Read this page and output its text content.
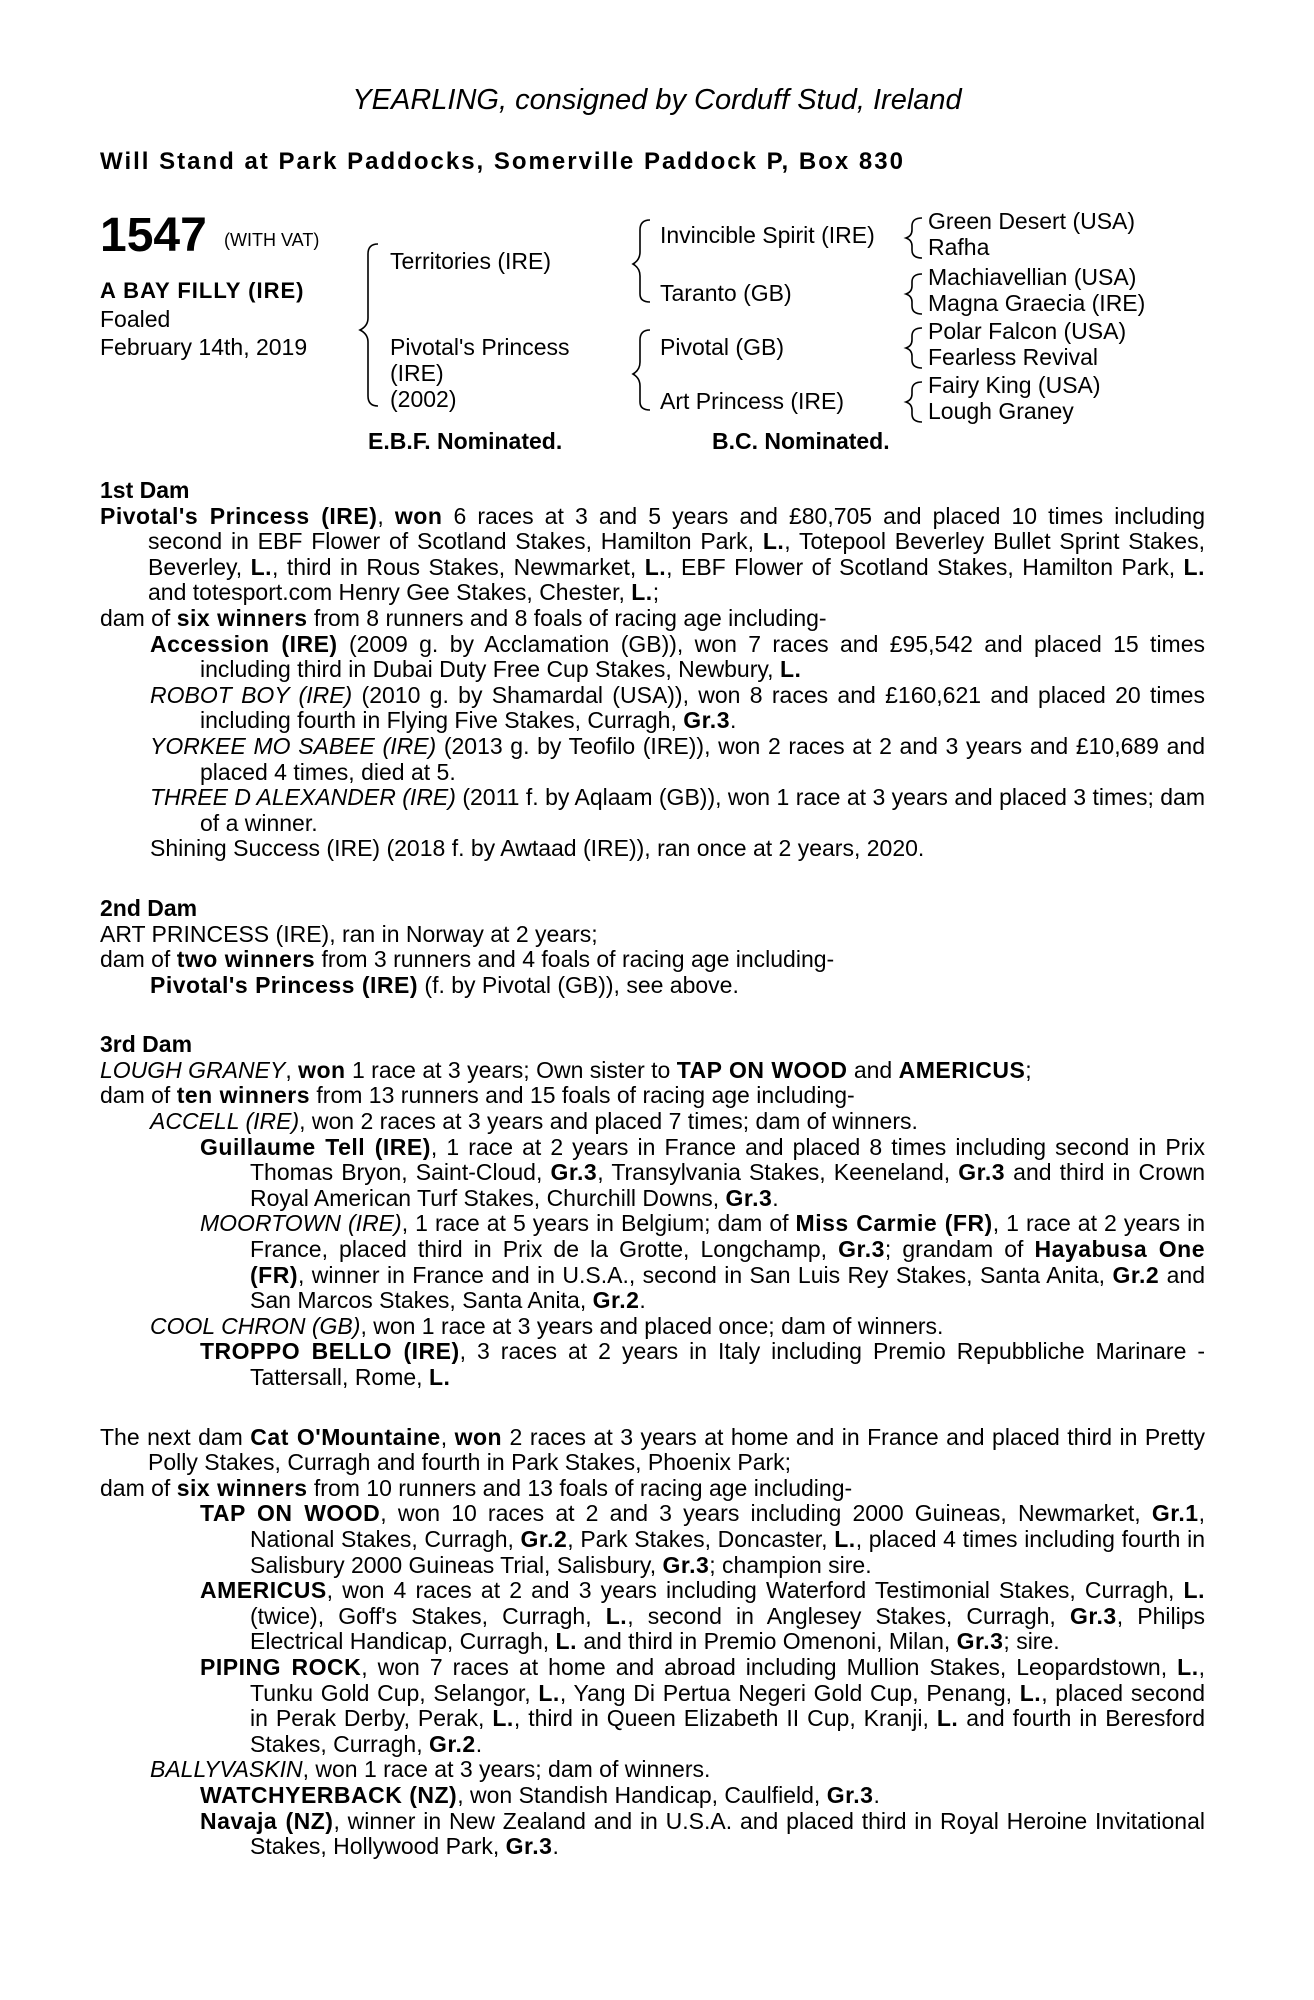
YEARLING, consigned by Corduff Stud, Ireland
Will Stand at Park Paddocks, Somerville Paddock P, Box 830
1547 (WITH VAT)
A BAY FILLY (IRE)
Foaled
February 14th, 2019
Territories (IRE)
Pivotal's Princess
(IRE)
(2002)
Invincible Spirit (IRE)
Taranto (GB)
Pivotal (GB)
Art Princess (IRE)
Green Desert (USA)
Rafha
Machiavellian (USA)
Magna Graecia (IRE)
Polar Falcon (USA)
Fearless Revival
Fairy King (USA)
Lough Graney
E.B.F. Nominated.	B.C. Nominated.
1st Dam
Pivotal's Princess (IRE), won 6 races at 3 and 5 years and £80,705 and placed 10 times including second in EBF Flower of Scotland Stakes, Hamilton Park, L., Totepool Beverley Bullet Sprint Stakes, Beverley, L., third in Rous Stakes, Newmarket, L., EBF Flower of Scotland Stakes, Hamilton Park, L. and totesport.com Henry Gee Stakes, Chester, L.;
dam of six winners from 8 runners and 8 foals of racing age including-
Accession (IRE) (2009 g. by Acclamation (GB)), won 7 races and £95,542 and placed 15 times including third in Dubai Duty Free Cup Stakes, Newbury, L.
ROBOT BOY (IRE) (2010 g. by Shamardal (USA)), won 8 races and £160,621 and placed 20 times including fourth in Flying Five Stakes, Curragh, Gr.3.
YORKEE MO SABEE (IRE) (2013 g. by Teofilo (IRE)), won 2 races at 2 and 3 years and £10,689 and placed 4 times, died at 5.
THREE D ALEXANDER (IRE) (2011 f. by Aqlaam (GB)), won 1 race at 3 years and placed 3 times; dam of a winner.
Shining Success (IRE) (2018 f. by Awtaad (IRE)), ran once at 2 years, 2020.
2nd Dam
ART PRINCESS (IRE), ran in Norway at 2 years;
dam of two winners from 3 runners and 4 foals of racing age including-
Pivotal's Princess (IRE) (f. by Pivotal (GB)), see above.
3rd Dam
LOUGH GRANEY, won 1 race at 3 years; Own sister to TAP ON WOOD and AMERICUS;
dam of ten winners from 13 runners and 15 foals of racing age including-
ACCELL (IRE), won 2 races at 3 years and placed 7 times; dam of winners.
Guillaume Tell (IRE), 1 race at 2 years in France and placed 8 times including second in Prix Thomas Bryon, Saint-Cloud, Gr.3, Transylvania Stakes, Keeneland, Gr.3 and third in Crown Royal American Turf Stakes, Churchill Downs, Gr.3.
MOORTOWN (IRE), 1 race at 5 years in Belgium; dam of Miss Carmie (FR), 1 race at 2 years in France, placed third in Prix de la Grotte, Longchamp, Gr.3; grandam of Hayabusa One (FR), winner in France and in U.S.A., second in San Luis Rey Stakes, Santa Anita, Gr.2 and San Marcos Stakes, Santa Anita, Gr.2.
COOL CHRON (GB), won 1 race at 3 years and placed once; dam of winners.
TROPPO BELLO (IRE), 3 races at 2 years in Italy including Premio Repubbliche Marinare -Tattersall, Rome, L.
The next dam Cat O'Mountaine, won 2 races at 3 years at home and in France and placed third in Pretty Polly Stakes, Curragh and fourth in Park Stakes, Phoenix Park;
dam of six winners from 10 runners and 13 foals of racing age including-
TAP ON WOOD, won 10 races at 2 and 3 years including 2000 Guineas, Newmarket, Gr.1, National Stakes, Curragh, Gr.2, Park Stakes, Doncaster, L., placed 4 times including fourth in Salisbury 2000 Guineas Trial, Salisbury, Gr.3; champion sire.
AMERICUS, won 4 races at 2 and 3 years including Waterford Testimonial Stakes, Curragh, L. (twice), Goff's Stakes, Curragh, L., second in Anglesey Stakes, Curragh, Gr.3, Philips Electrical Handicap, Curragh, L. and third in Premio Omenoni, Milan, Gr.3; sire.
PIPING ROCK, won 7 races at home and abroad including Mullion Stakes, Leopardstown, L., Tunku Gold Cup, Selangor, L., Yang Di Pertua Negeri Gold Cup, Penang, L., placed second in Perak Derby, Perak, L., third in Queen Elizabeth II Cup, Kranji, L. and fourth in Beresford Stakes, Curragh, Gr.2.
BALLYVASKIN, won 1 race at 3 years; dam of winners.
WATCHYERBACK (NZ), won Standish Handicap, Caulfield, Gr.3.
Navaja (NZ), winner in New Zealand and in U.S.A. and placed third in Royal Heroine Invitational Stakes, Hollywood Park, Gr.3.
